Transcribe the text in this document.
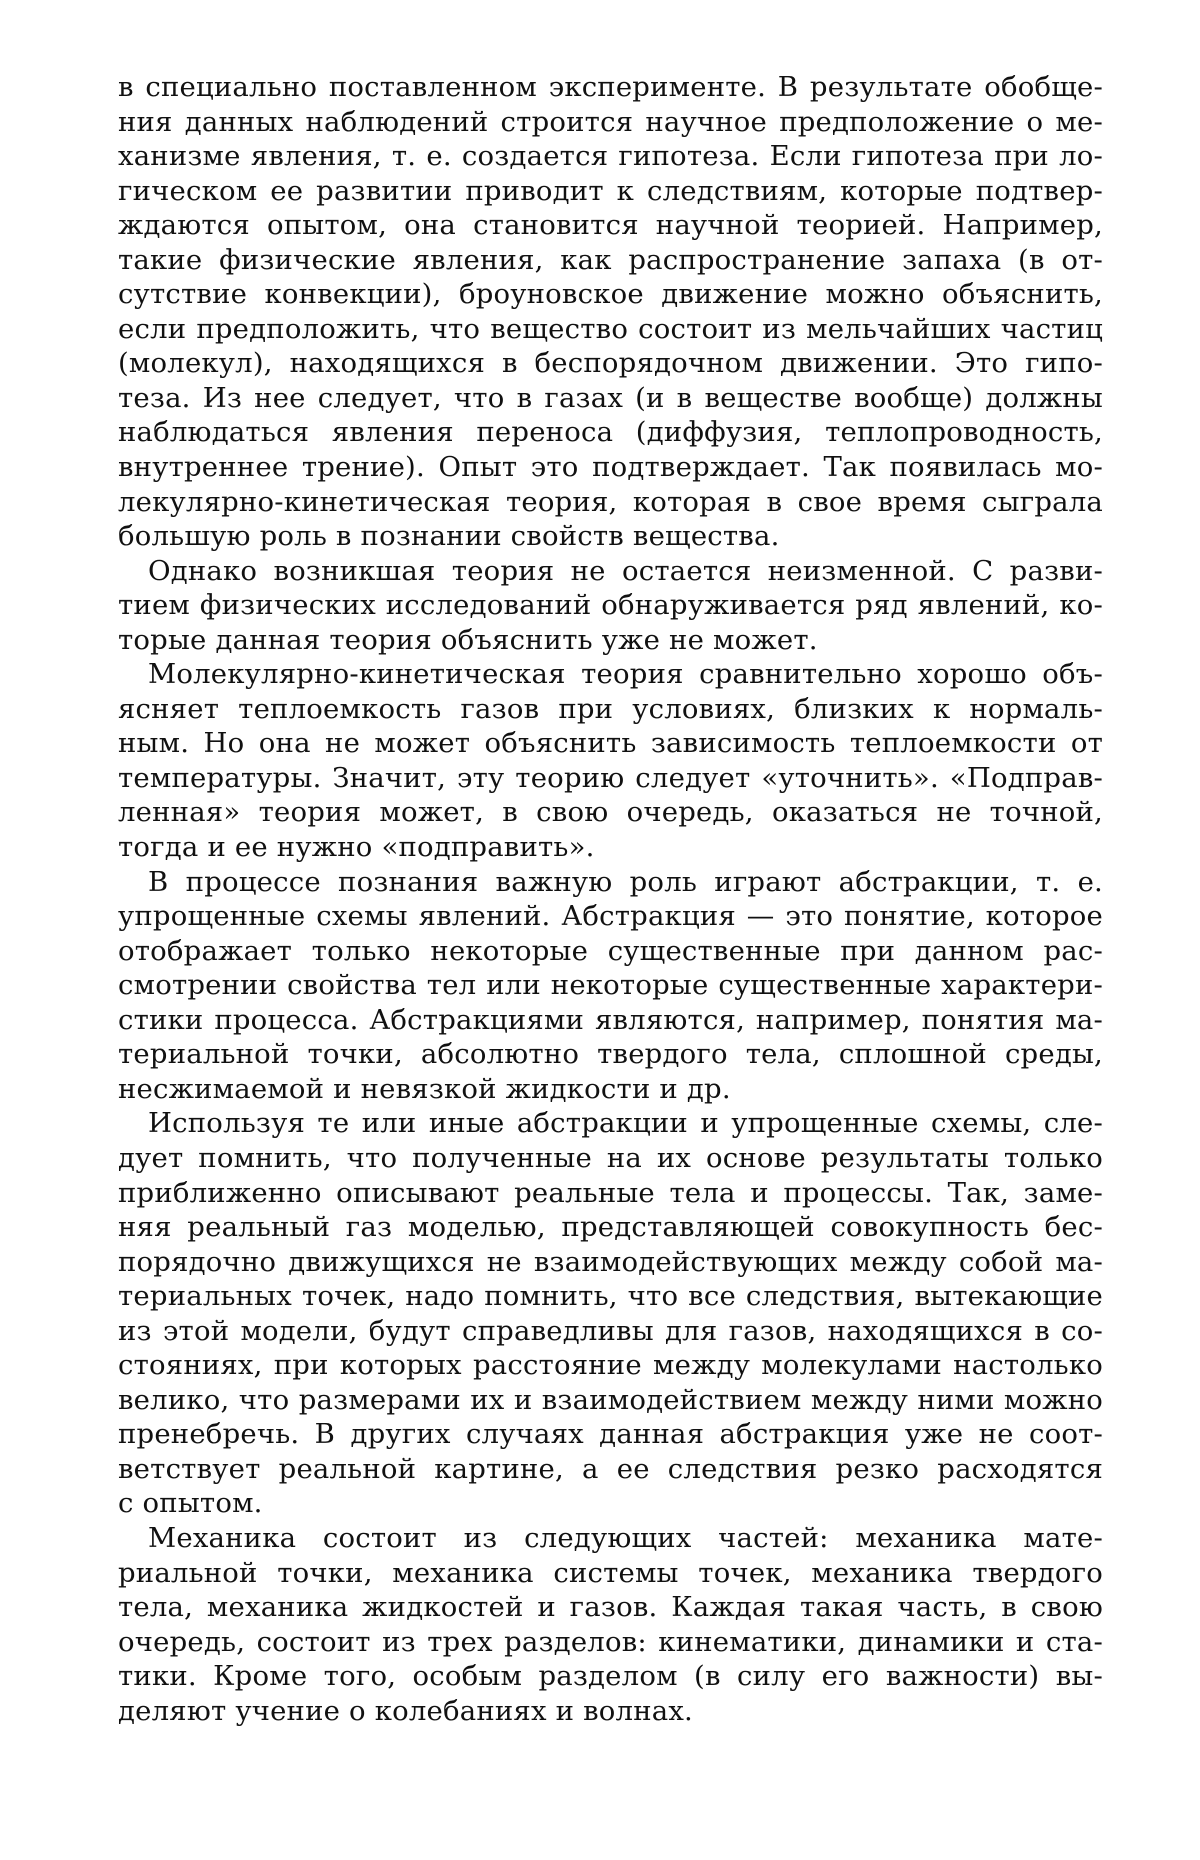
в специально поставленном эксперименте. В результате обобще-
ния данных наблюдений строится научное предположение о ме-
ханизме явления, т. е. создается гипотеза. Если гипотеза при ло-
гическом ее развитии приводит к следствиям, которые подтвер-
ждаются опытом, она становится научной теорией. Например,
такие физические явления, как распространение запаха (в от-
сутствие конвекции), броуновское движение можно объяснить,
если предположить, что вещество состоит из мельчайших частиц
(молекул), находящихся в беспорядочном движении. Это гипо-
теза. Из нее следует, что в газах (и в веществе вообще) должны
наблюдаться явления переноса (диффузия, теплопроводность,
внутреннее трение). Опыт это подтверждает. Так появилась мо-
лекулярно-кинетическая теория, которая в свое время сыграла
большую роль в познании свойств вещества.
Однако возникшая теория не остается неизменной. С разви-
тием физических исследований обнаруживается ряд явлений, ко-
торые данная теория объяснить уже не может.
Молекулярно-кинетическая теория сравнительно хорошо объ-
ясняет теплоемкость газов при условиях, близких к нормаль-
ным. Но она не может объяснить зависимость теплоемкости от
температуры. Значит, эту теорию следует «уточнить». «Подправ-
ленная» теория может, в свою очередь, оказаться не точной,
тогда и ее нужно «подправить».
В процессе познания важную роль играют абстракции, т. е.
упрощенные схемы явлений. Абстракция — это понятие, которое
отображает только некоторые существенные при данном рас-
смотрении свойства тел или некоторые существенные характери-
стики процесса. Абстракциями являются, например, понятия ма-
териальной точки, абсолютно твердого тела, сплошной среды,
несжимаемой и невязкой жидкости и др.
Используя те или иные абстракции и упрощенные схемы, сле-
дует помнить, что полученные на их основе результаты только
приближенно описывают реальные тела и процессы. Так, заме-
няя реальный газ моделью, представляющей совокупность бес-
порядочно движущихся не взаимодействующих между собой ма-
териальных точек, надо помнить, что все следствия, вытекающие
из этой модели, будут справедливы для газов, находящихся в со-
стояниях, при которых расстояние между молекулами настолько
велико, что размерами их и взаимодействием между ними можно
пренебречь. В других случаях данная абстракция уже не соот-
ветствует реальной картине, а ее следствия резко расходятся
с опытом.
Механика состоит из следующих частей: механика мате-
риальной точки, механика системы точек, механика твердого
тела, механика жидкостей и газов. Каждая такая часть, в свою
очередь, состоит из трех разделов: кинематики, динамики и ста-
тики. Кроме того, особым разделом (в силу его важности) вы-
деляют учение о колебаниях и волнах.
